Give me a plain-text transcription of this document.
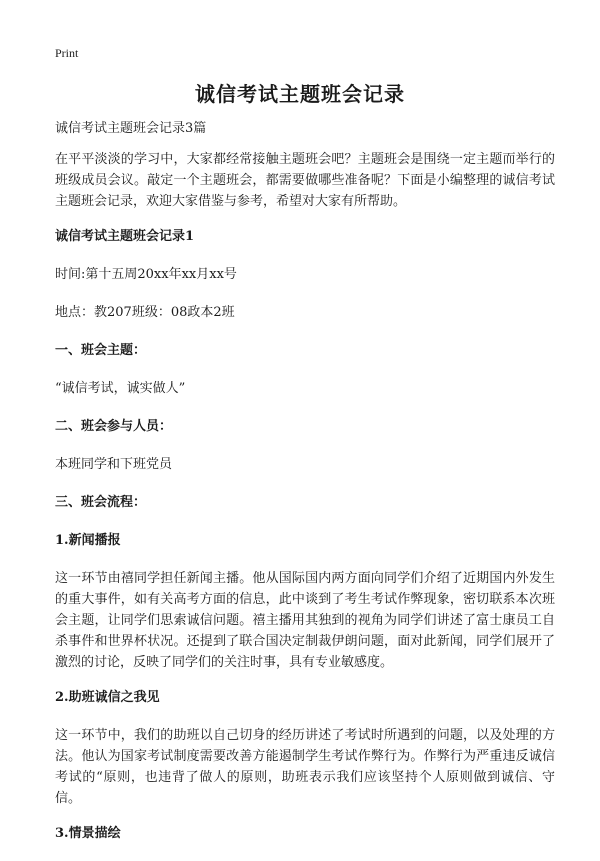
Print
诚信考试主题班会记录

诚信考试主题班会记录3篇

在平平淡淡的学习中，大家都经常接触主题班会吧？主题班会是围绕一定主题而举行的班级成员会议。敲定一个主题班会，都需要做哪些准备呢？下面是小编整理的诚信考试主题班会记录，欢迎大家借鉴与参考，希望对大家有所帮助。

诚信考试主题班会记录1

时间:第十五周20xx年xx月xx号

地点：教207班级：08政本2班

一、班会主题：

“诚信考试，诚实做人”

二、班会参与人员：

本班同学和下班党员

三、班会流程：

1.新闻播报

这一环节由禧同学担任新闻主播。他从国际国内两方面向同学们介绍了近期国内外发生的重大事件，如有关高考方面的信息，此中谈到了考生考试作弊现象，密切联系本次班会主题，让同学们思索诚信问题。禧主播用其独到的视角为同学们讲述了富士康员工自杀事件和世界杯状况。还提到了联合国决定制裁伊朗问题，面对此新闻，同学们展开了激烈的讨论，反映了同学们的关注时事，具有专业敏感度。

2.助班诚信之我见

这一环节中，我们的助班以自己切身的经历讲述了考试时所遇到的问题，以及处理的方法。他认为国家考试制度需要改善方能遏制学生考试作弊行为。作弊行为严重违反诚信考试的“原则，也违背了做人的原则，助班表示我们应该坚持个人原则做到诚信、守信。

3.情景描绘
